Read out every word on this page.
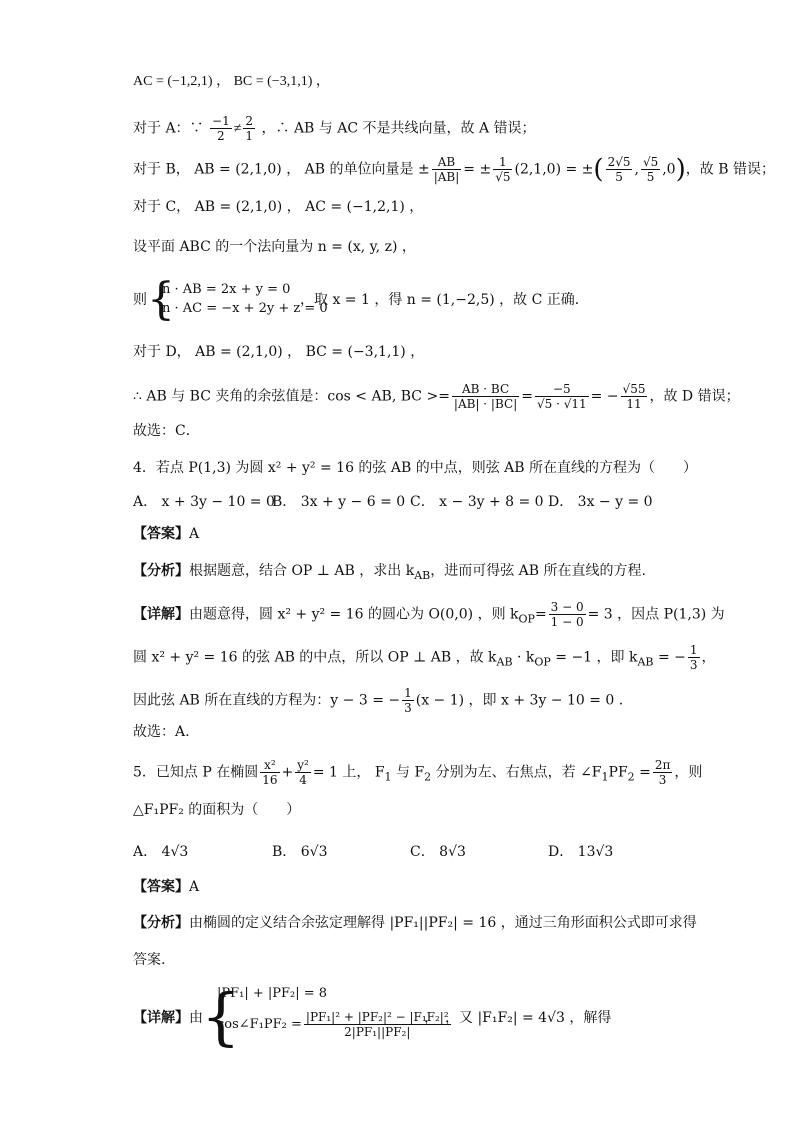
AC = (−1,2,1) ， BC = (−3,1,1) ，
对于 A：∵ $\frac{-1}{2} \ne \frac{2}{1}$ ，∴ AB 与 AC 不是共线向量，故 A 错误；
对于 B， AB = (2,1,0) ， AB 的单位向量是 ± $\frac{AB}{|AB|}$ = ± $\frac{1}{√5} (2,1,0)$ = ±( $\frac{2√5}{5}$ , $\frac{√5}{5} ,0$)，故 B 错误；
对于 C， AB = (2,1,0) ， AC = (−1,2,1) ，
设平面 ABC 的一个法向量为 n = (x, y, z) ，
则 {
n · AB = 2x + y = 0
n · AC = −x + 2y + z = 0
，取 x = 1 ，得 n = (1,−2,5) ，故 C 正确．
对于 D， AB = (2,1,0) ， BC = (−3,1,1) ，
∴ AB 与 BC 夹角的余弦值是：cos < AB, BC >= $\frac{AB \cdot BC}{|AB| \cdot |BC|} = \frac{-5}{√5 \cdot √11}$ = − $\frac{√55}{11}$ ，故 D 错误；
故选：C．
4．若点 P(1,3) 为圆 x² + y² = 16 的弦 AB 的中点，则弦 AB 所在直线的方程为（　　）
A． x + 3y − 10 = 0
B． 3x + y − 6 = 0 C． x − 3y + 8 = 0 D． 3x − y = 0
【答案】A
【分析】根据题意，结合 OP ⊥ AB ，求出 $k_{AB}$，进而可得弦 AB 所在直线的方程.
【详解】由题意得，圆 x² + y² = 16 的圆心为 O(0,0) ，则 $k_{OP}= \frac{3 - 0}{1 - 0} = 3$ ，因点 P(1,3) 为
圆 x² + y² = 16 的弦 AB 的中点，所以 OP ⊥ AB ，故 $k_{AB} \cdot k_{OP} = -1$ ，即 $k_{AB}$ = − $\frac{1}{3}$ ，
因此弦 AB 所在直线的方程为：y − 3 = − $\frac{1}{3} (x - 1)$ ，即 x + 3y − 10 = 0 .
故选：A.
5．已知点 P 在椭圆 $\frac{\text{x²}}{16} + \frac{\text{y²}}{4} = 1$ 上， $F_1$ 与 $F_2$ 分别为左、右焦点，若 $\angle F_1PF_2 = \frac{2\pi}{3}$ ，则
△F₁PF₂ 的面积为（　　）
A． 4√3	B． 6√3	C． 8√3	D． 13√3
【答案】A
【分析】由椭圆的定义结合余弦定理解得 |PF₁||PF₂| = 16 ，通过三角形面积公式即可求得
答案.
【详解】由
{
|PF₁| + |PF₂| = 8
cos∠F₁PF₂ = $\frac{\text{|PF₁|² + |PF₂|² − |F₁F₂|²}}{\text{2|PF₁||PF₂|}}$
，　，又 |F₁F₂| = 4√3 ，解得
